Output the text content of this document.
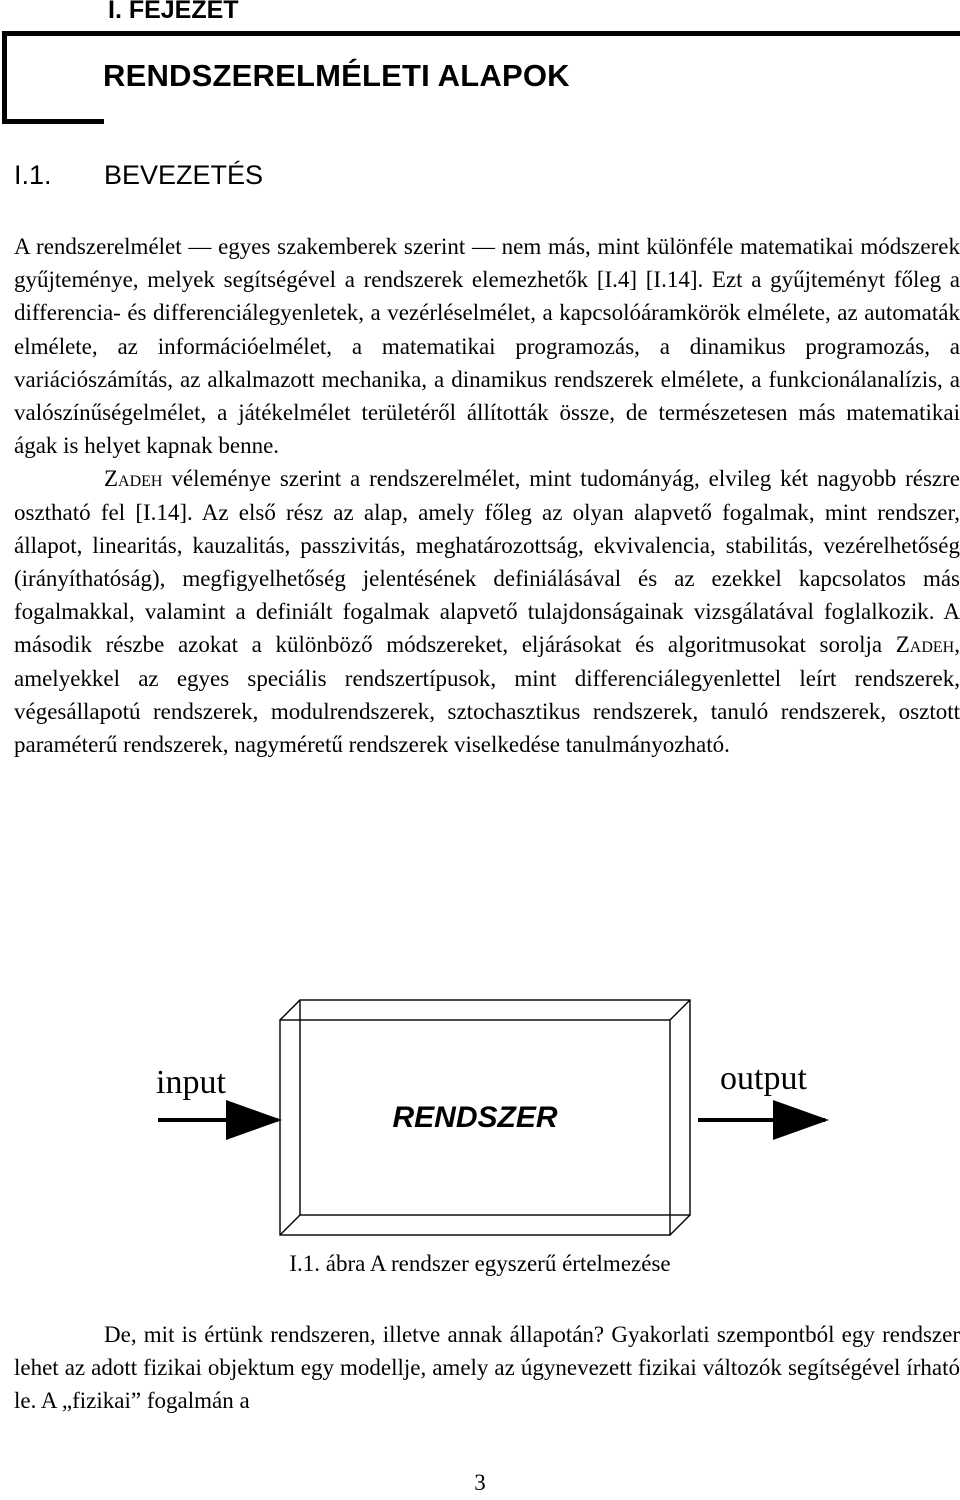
I. FEJEZET
RENDSZERELMÉLETI ALAPOK
I.1. BEVEZETÉS

A rendszerelmélet — egyes szakemberek szerint — nem más, mint különféle matematikai módszerek gyűjteménye, melyek segítségével a rendszerek elemezhetők [I.4] [I.14]. Ezt a gyűjteményt főleg a differencia- és differenciálegyenletek, a vezérléselmélet, a kapcsolóáramkörök elmélete, az automaták elmélete, az információelmélet, a matematikai programozás, a dinamikus programozás, a variációszámítás, az alkalmazott mechanika, a dinamikus rendszerek elmélete, a funkcionálanalízis, a valószínűségelmélet, a játékelmélet területéről állították össze, de természetesen más matematikai ágak is helyet kapnak benne.

Zadeh véleménye szerint a rendszerelmélet, mint tudományág, elvileg két nagyobb részre osztható fel [I.14]. Az első rész az alap, amely főleg az olyan alapvető fogalmak, mint rendszer, állapot, linearitás, kauzalitás, passzivitás, meghatározottság, ekvivalencia, stabilitás, vezérelhetőség (irányíthatóság), megfigyelhetőség jelentésének definiálásával és az ezekkel kapcsolatos más fogalmakkal, valamint a definiált fogalmak alapvető tulajdonságainak vizsgálatával foglalkozik. A második részbe azokat a különböző módszereket, eljárásokat és algoritmusokat sorolja Zadeh, amelyekkel az egyes speciális rendszertípusok, mint differenciálegyenlettel leírt rendszerek, végesállapotú rendszerek, modulrendszerek, sztochasztikus rendszerek, tanuló rendszerek, osztott paraméterű rendszerek, nagyméretű rendszerek viselkedése tanulmányozható.

input	output
RENDSZER
I.1. ábra A rendszer egyszerű értelmezése

De, mit is értünk rendszeren, illetve annak állapotán? Gyakorlati szempontból egy rendszer lehet az adott fizikai objektum egy modellje, amely az úgynevezett fizikai változók segítségével írható le. A „fizikai” fogalmán a

3
